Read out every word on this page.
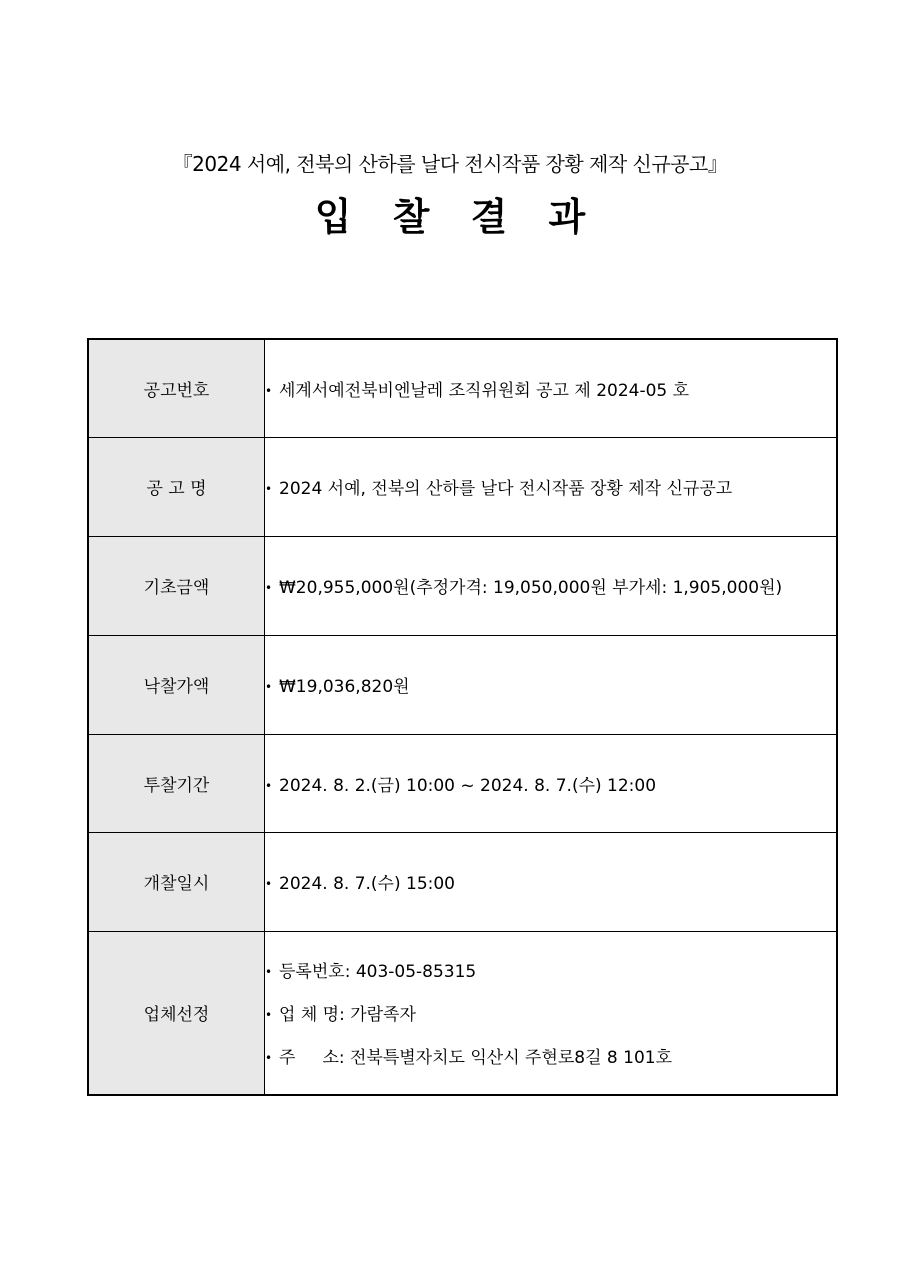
『2024 서예, 전북의 산하를 날다 전시작품 장황 제작 신규공고』
입 찰 결 과
공고번호	• 세계서예전북비엔날레 조직위원회 공고 제 2024-05 호
공 고 명	• 2024 서예, 전북의 산하를 날다 전시작품 장황 제작 신규공고
기초금액	• ₩20,955,000원(추정가격: 19,050,000원 부가세: 1,905,000원)
낙찰가액	• ₩19,036,820원
투찰기간	• 2024. 8. 2.(금) 10:00 ~ 2024. 8. 7.(수) 12:00
개찰일시	• 2024. 8. 7.(수) 15:00
업체선정	• 등록번호: 403-05-85315
• 업 체 명: 가람족자
• 주     소: 전북특별자치도 익산시 주현로8길 8 101호
